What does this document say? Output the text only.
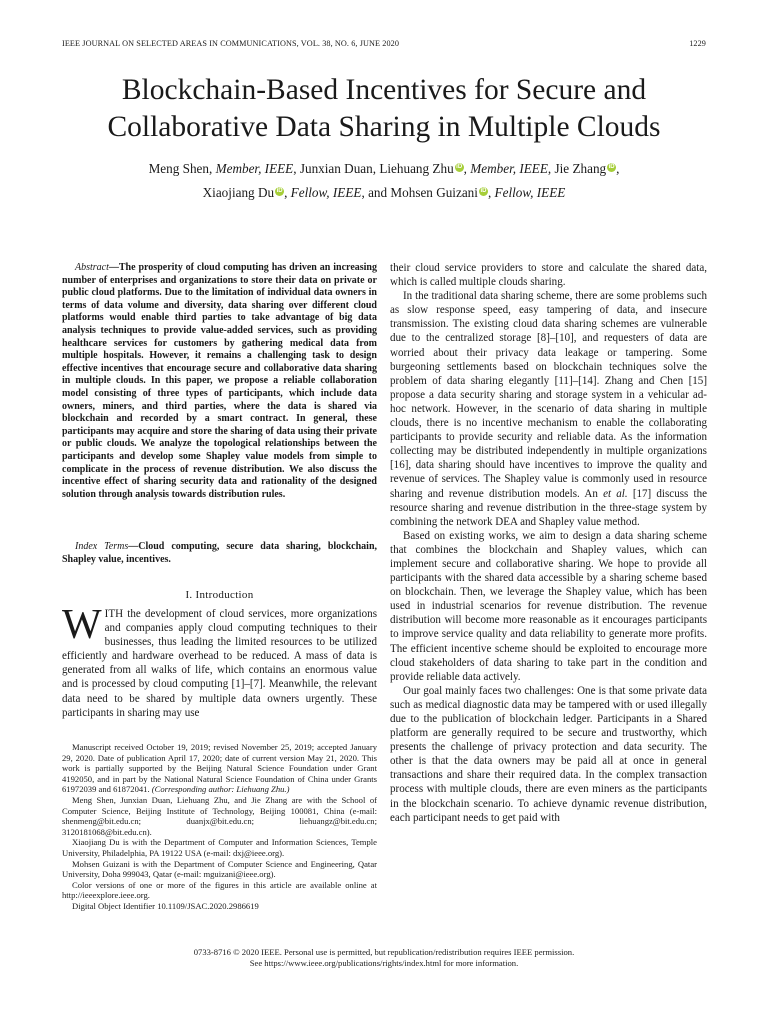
IEEE JOURNAL ON SELECTED AREAS IN COMMUNICATIONS, VOL. 38, NO. 6, JUNE 2020	1229
Blockchain-Based Incentives for Secure and
Collaborative Data Sharing in Multiple Clouds
Meng Shen, Member, IEEE, Junxian Duan, Liehuang Zhu iD , Member, IEEE, Jie Zhang iD ,
Xiaojiang Du iD , Fellow, IEEE, and Mohsen Guizani iD , Fellow, IEEE

Abstract—The prosperity of cloud computing has driven an increasing number of enterprises and organizations to store their data on private or public cloud platforms. Due to the limitation of individual data owners in terms of data volume and diversity, data sharing over different cloud platforms would enable third parties to take advantage of big data analysis techniques to provide value-added services, such as providing healthcare services for customers by gathering medical data from multiple hospitals. However, it remains a challenging task to design effective incentives that encourage secure and collaborative data sharing in multiple clouds. In this paper, we propose a reliable collaboration model consisting of three types of participants, which include data owners, miners, and third parties, where the data is shared via blockchain and recorded by a smart contract. In general, these participants may acquire and store the sharing of data using their private or public clouds. We analyze the topological relationships between the participants and develop some Shapley value models from simple to complicate in the process of revenue distribution. We also discuss the incentive effect of sharing security data and rationality of the designed solution through analysis towards distribution rules.

Index Terms—Cloud computing, secure data sharing, blockchain, Shapley value, incentives.

I. Introduction

WITH the development of cloud services, more organizations and companies apply cloud computing techniques to their businesses, thus leading the limited resources to be utilized efficiently and hardware overhead to be reduced. A mass of data is generated from all walks of life, which contains an enormous value and is processed by cloud computing [1]–[7]. Meanwhile, the relevant data need to be shared by multiple data owners urgently. These participants in sharing may use

Manuscript received October 19, 2019; revised November 25, 2019; accepted January 29, 2020. Date of publication April 17, 2020; date of current version May 21, 2020. This work is partially supported by the Beijing Natural Science Foundation under Grant 4192050, and in part by the National Natural Science Foundation of China under Grants 61972039 and 61872041. (Corresponding author: Liehuang Zhu.)

Meng Shen, Junxian Duan, Liehuang Zhu, and Jie Zhang are with the School of Computer Science, Beijing Institute of Technology, Beijing 100081, China (e-mail: shenmeng@bit.edu.cn; duanjx@bit.edu.cn; liehuangz@bit.edu.cn; 3120181068@bit.edu.cn).

Xiaojiang Du is with the Department of Computer and Information Sciences, Temple University, Philadelphia, PA 19122 USA (e-mail: dxj@ieee.org).

Mohsen Guizani is with the Department of Computer Science and Engineering, Qatar University, Doha 999043, Qatar (e-mail: mguizani@ieee.org).

Color versions of one or more of the figures in this article are available online at http://ieeexplore.ieee.org.

Digital Object Identifier 10.1109/JSAC.2020.2986619

their cloud service providers to store and calculate the shared data, which is called multiple clouds sharing.

In the traditional data sharing scheme, there are some problems such as slow response speed, easy tampering of data, and insecure transmission. The existing cloud data sharing schemes are vulnerable due to the centralized storage [8]–[10], and requesters of data are worried about their privacy data leakage or tampering. Some burgeoning settlements based on blockchain techniques solve the problem of data sharing elegantly [11]–[14]. Zhang and Chen [15] propose a data security sharing and storage system in a vehicular ad-hoc network. However, in the scenario of data sharing in multiple clouds, there is no incentive mechanism to enable the collaborating participants to provide security and reliable data. As the information collecting may be distributed independently in multiple organizations [16], data sharing should have incentives to improve the quality and revenue of services. The Shapley value is commonly used in resource sharing and revenue distribution models. An et al. [17] discuss the resource sharing and revenue distribution in the three-stage system by combining the network DEA and Shapley value method.

Based on existing works, we aim to design a data sharing scheme that combines the blockchain and Shapley values, which can implement secure and collaborative sharing. We hope to provide all participants with the shared data accessible by a sharing scheme based on blockchain. Then, we leverage the Shapley value, which has been used in industrial scenarios for revenue distribution. The revenue distribution will become more reasonable as it encourages participants to improve service quality and data reliability to generate more profits. The efficient incentive scheme should be exploited to encourage more cloud stakeholders of data sharing to take part in the condition and provide reliable data actively.

Our goal mainly faces two challenges: One is that some private data such as medical diagnostic data may be tampered with or used illegally due to the publication of blockchain ledger. Participants in a Shared platform are generally required to be secure and trustworthy, which presents the challenge of privacy protection and data security. The other is that the data owners may be paid all at once in general transactions and share their required data. In the complex transaction process with multiple clouds, there are even miners as the participants in the blockchain scenario. To achieve dynamic revenue distribution, each participant needs to get paid with

0733-8716 © 2020 IEEE. Personal use is permitted, but republication/redistribution requires IEEE permission.
See https://www.ieee.org/publications/rights/index.html for more information.
